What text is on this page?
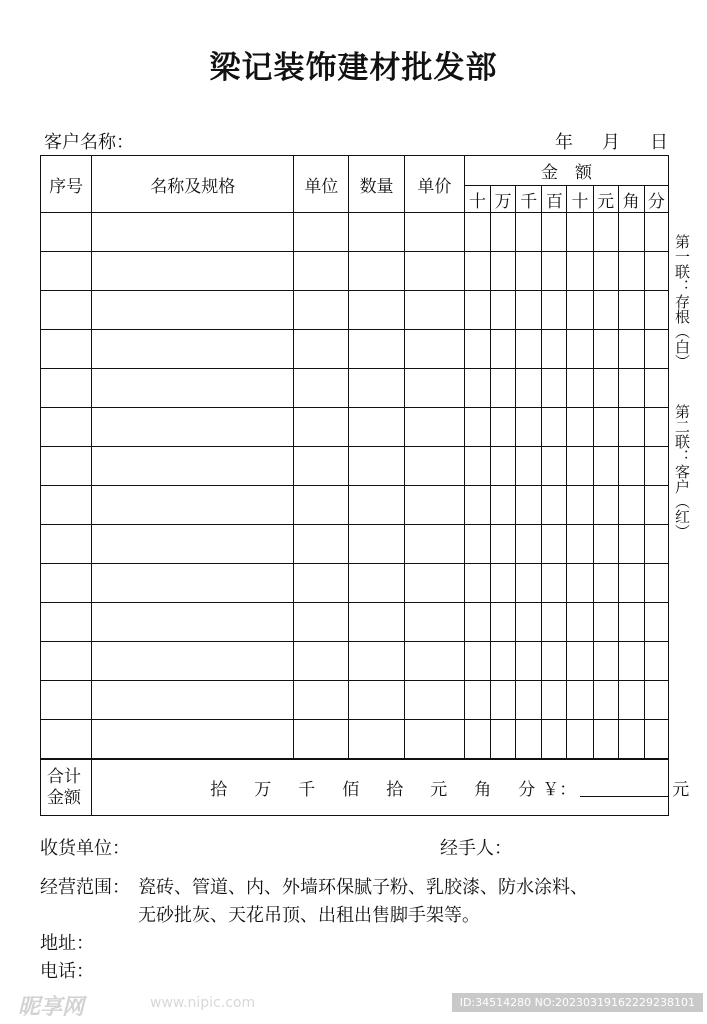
梁记装饰建材批发部
客户名称：	年 月 日
序号	名称及规格	单位	数量	单价	金　额							
					十	万	千	百	十	元	角	分

合计
金额	拾 万 千 佰 拾 元 角 分 ￥： 元											
第一联：存根（白）
第二联：客户（红）
收货单位：	经手人：
经营范围： 瓷砖、管道、内、外墙环保腻子粉、乳胶漆、防水涂料、
无砂批灰、天花吊顶、出租出售脚手架等。
地址：
电话：
昵享网	www.nipic.com	ID:34514280 NO:20230319162229238101
